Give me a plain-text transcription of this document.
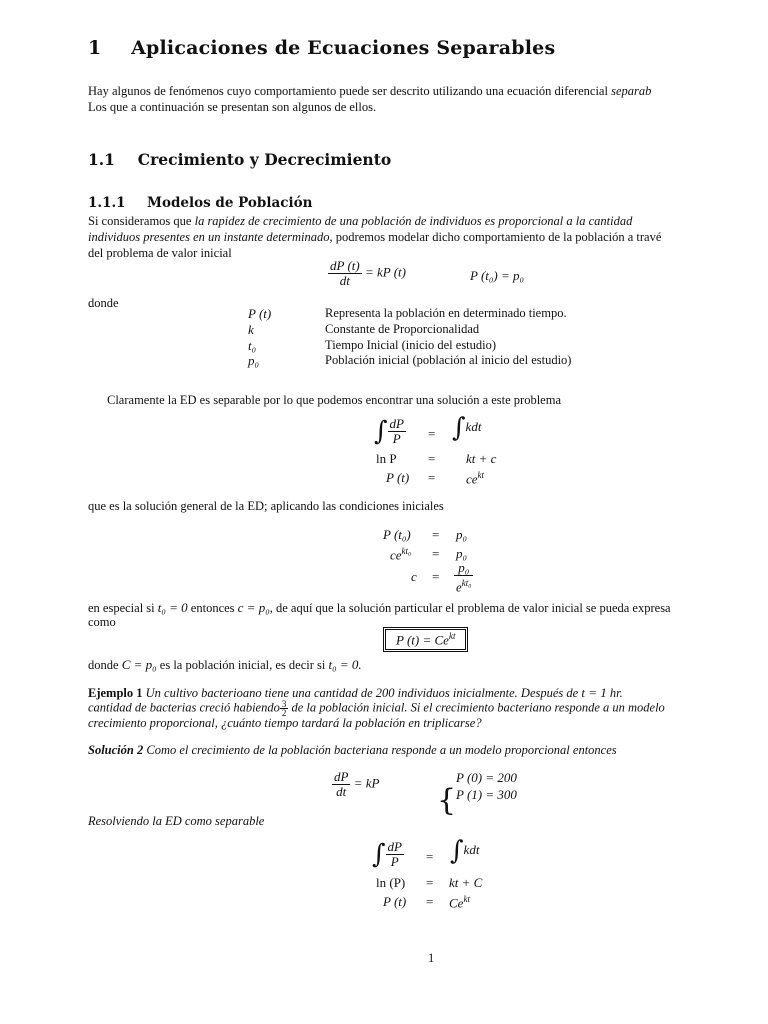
1 Aplicaciones de Ecuaciones Separables
Hay algunos de fenómenos cuyo comportamiento puede ser descrito utilizando una ecuación diferencial separab
Los que a continuación se presentan son algunos de ellos.
1.1 Crecimiento y Decrecimiento
1.1.1 Modelos de Población
Si consideramos que la rapidez de crecimiento de una población de individuos es proporcional a la cantidad
individuos presentes en un instante determinado, podremos modelar dicho comportamiento de la población a travé
del problema de valor inicial
$\frac{dP (t)}{dt}$ = kP (t)	P (t₀) = p₀
donde
P (t)	Representa la población en determinado tiempo.
k	Constante de Proporcionalidad
t₀	Tiempo Inicial (inicio del estudio)
p₀	Población inicial (población al inicio del estudio)
Claramente la ED es separable por lo que podemos encontrar una solución a este problema
∫ $\frac{dP}{P} = \int kdt$
ln P = kt + c
P $(t) = ce^{kt}$
que es la solución general de la ED; aplicando las condiciones iniciales
P (t₀) = p₀
$ce^{kt_0} = p_0$
$c = \frac{\text{p₀}}{e^{kt_0}}$
en especial si t₀ = 0 entonces c = p₀, de aquí que la solución particular el problema de valor inicial se pueda expresa
como
P $(t) = Ce^{kt}$
donde C = p₀ es la población inicial, es decir si t₀ = 0.
Ejemplo 1 Un cultivo bacterioano tiene una cantidad de 200 individuos inicialmente. Después de t = 1 hr.
cantidad de bacterias creció habiendo $\frac{3}{2}$ de la población inicial. Si el crecimiento bacteriano responde a un modelo
crecimiento proporcional, ¿cuánto tiempo tardará la población en triplicarse?
Solución 2 Como el crecimiento de la población bacteriana responde a un modelo proporcional entonces
$\frac{dP}{dt}$ = kP
{
P (0) = 200
P (1) = 300
Resolviendo la ED como separable
∫ $\frac{dP}{P} = \int kdt$
ln (P) = kt + C
P $(t) = Ce^{kt}$
1
